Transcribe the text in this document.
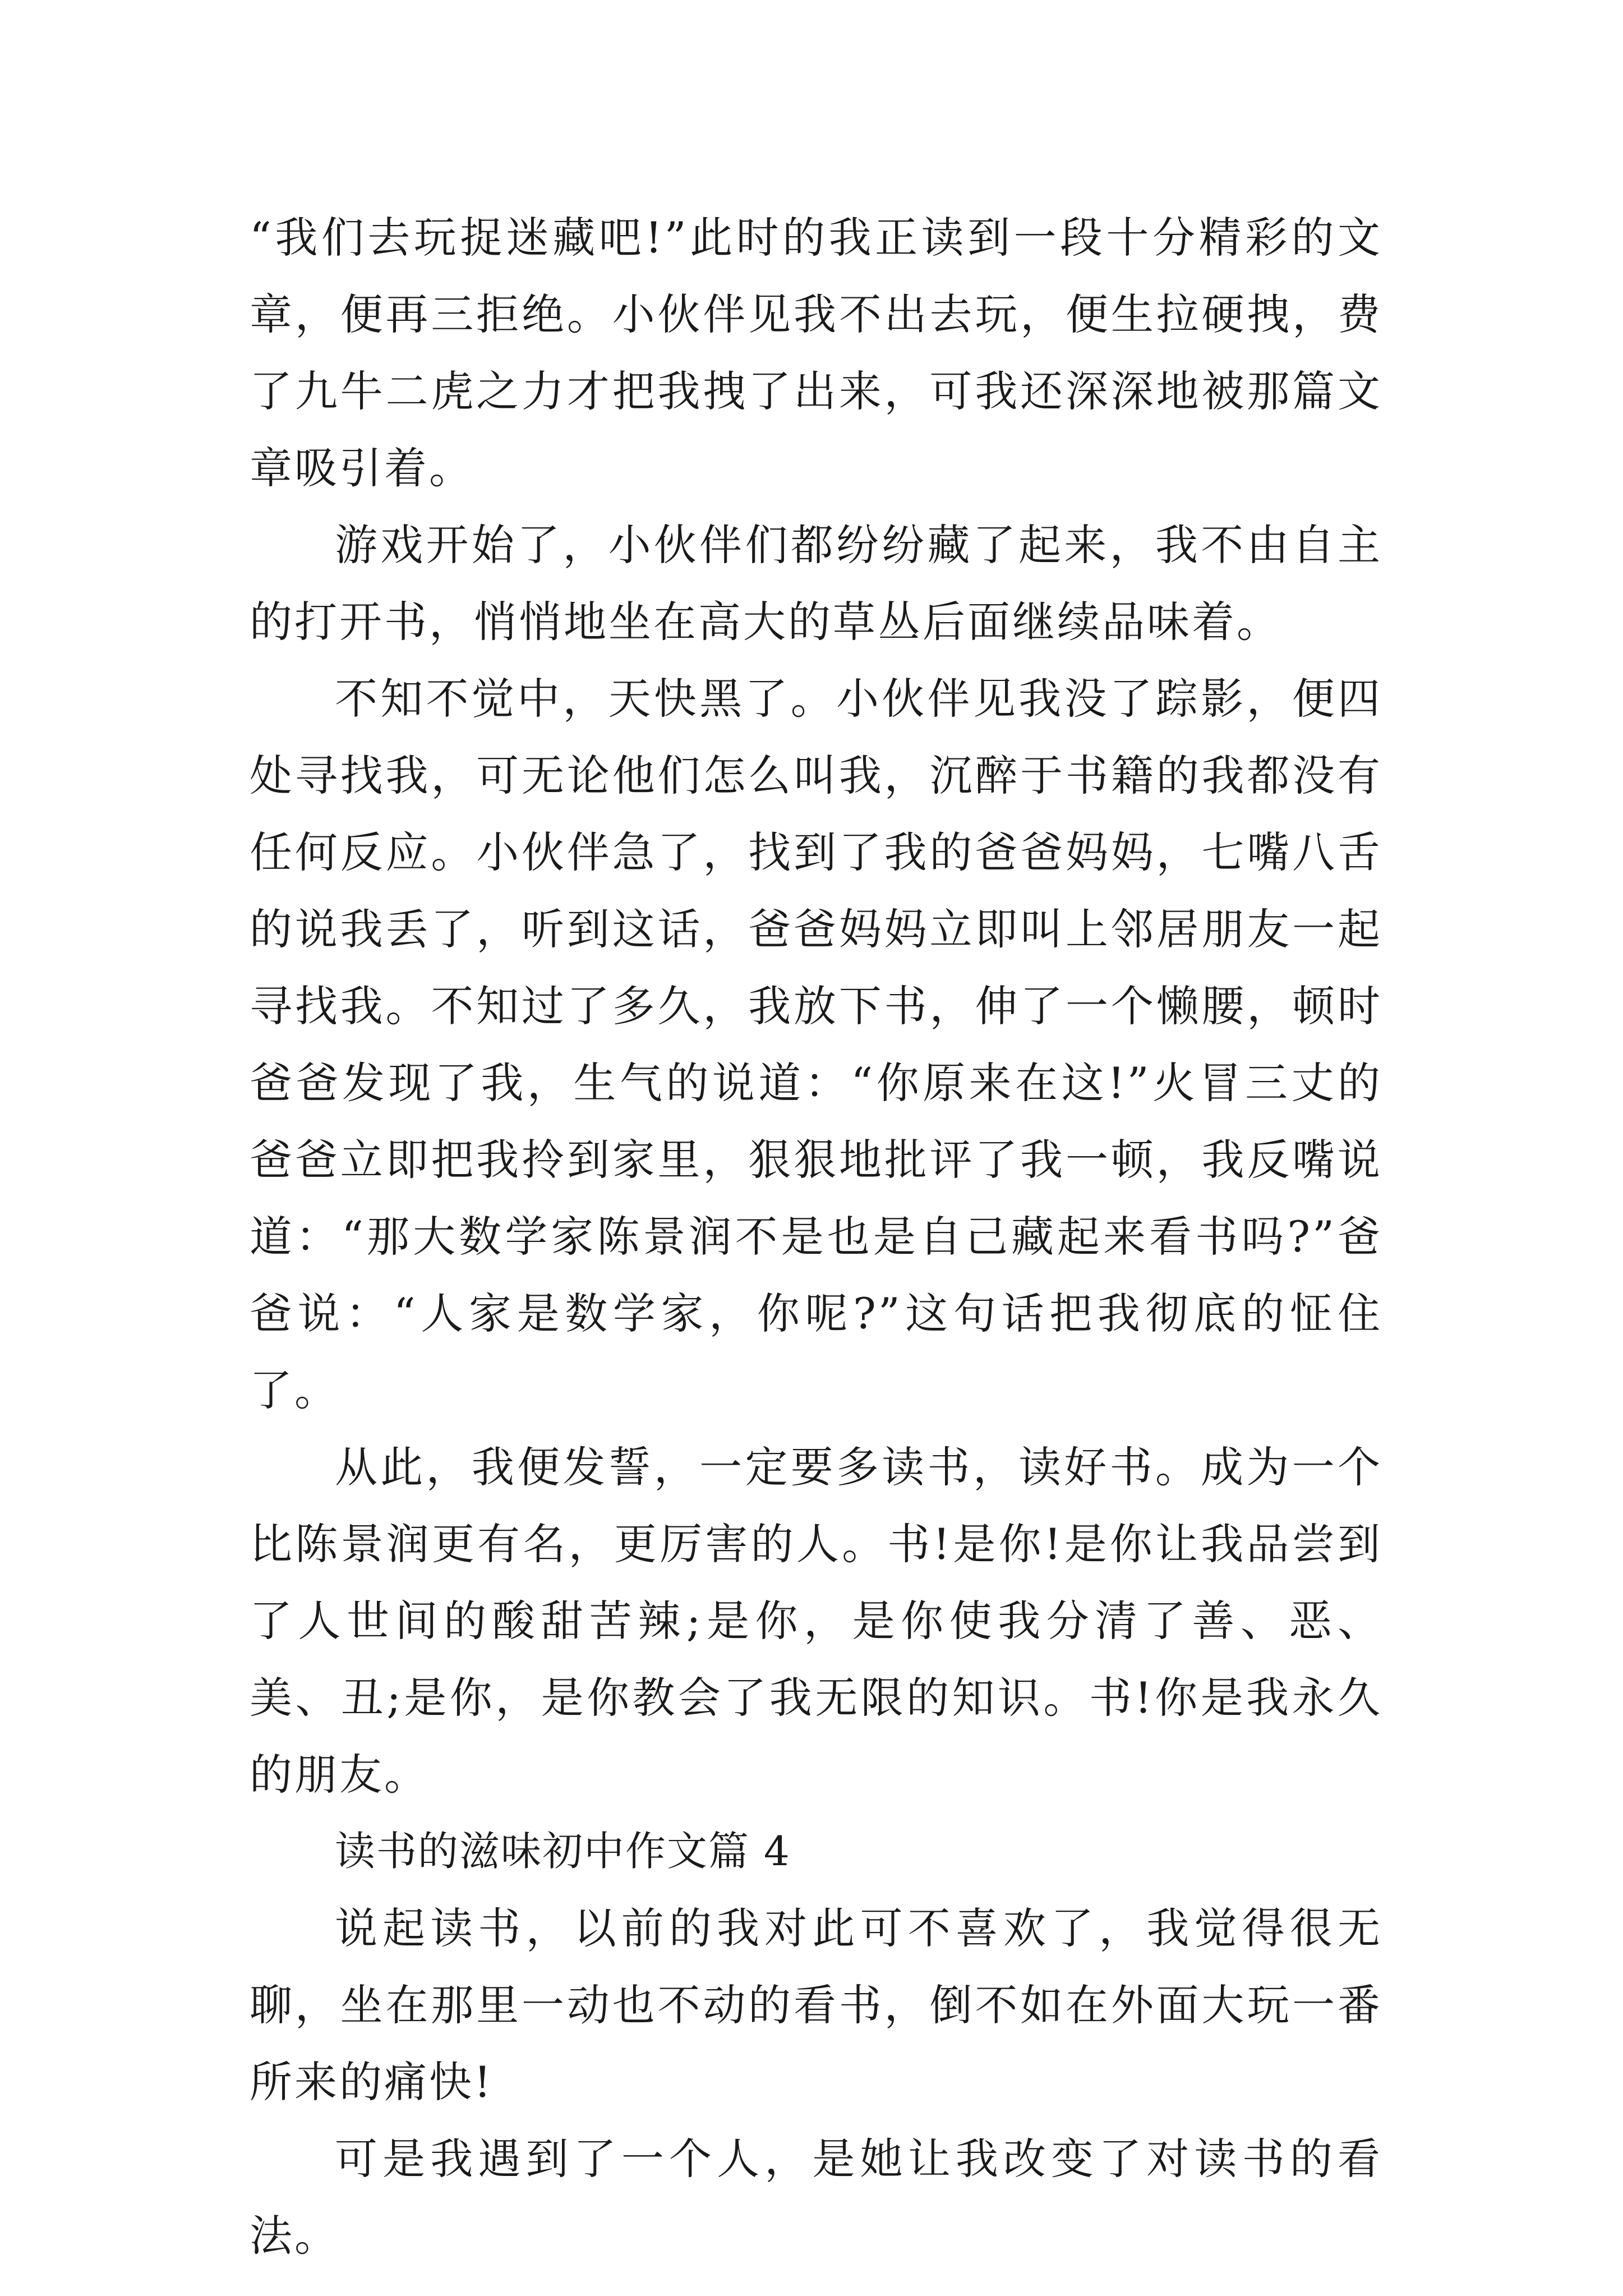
“我们去玩捉迷藏吧!”此时的我正读到一段十分精彩的文章，便再三拒绝。小伙伴见我不出去玩，便生拉硬拽，费了九牛二虎之力才把我拽了出来，可我还深深地被那篇文章吸引着。

游戏开始了，小伙伴们都纷纷藏了起来，我不由自主的打开书，悄悄地坐在高大的草丛后面继续品味着。

不知不觉中，天快黑了。小伙伴见我没了踪影，便四处寻找我，可无论他们怎么叫我，沉醉于书籍的我都没有任何反应。小伙伴急了，找到了我的爸爸妈妈，七嘴八舌的说我丢了，听到这话，爸爸妈妈立即叫上邻居朋友一起寻找我。不知过了多久，我放下书，伸了一个懒腰，顿时爸爸发现了我，生气的说道：“你原来在这!”火冒三丈的爸爸立即把我拎到家里，狠狠地批评了我一顿，我反嘴说道：“那大数学家陈景润不是也是自己藏起来看书吗?”爸爸说：“人家是数学家，你呢?”这句话把我彻底的怔住了。

从此，我便发誓，一定要多读书，读好书。成为一个比陈景润更有名，更厉害的人。书!是你!是你让我品尝到了人世间的酸甜苦辣;是你，是你使我分清了善、恶、美、丑;是你，是你教会了我无限的知识。书!你是我永久的朋友。

读书的滋味初中作文篇 4

说起读书，以前的我对此可不喜欢了，我觉得很无聊，坐在那里一动也不动的看书，倒不如在外面大玩一番所来的痛快!

可是我遇到了一个人，是她让我改变了对读书的看法。
